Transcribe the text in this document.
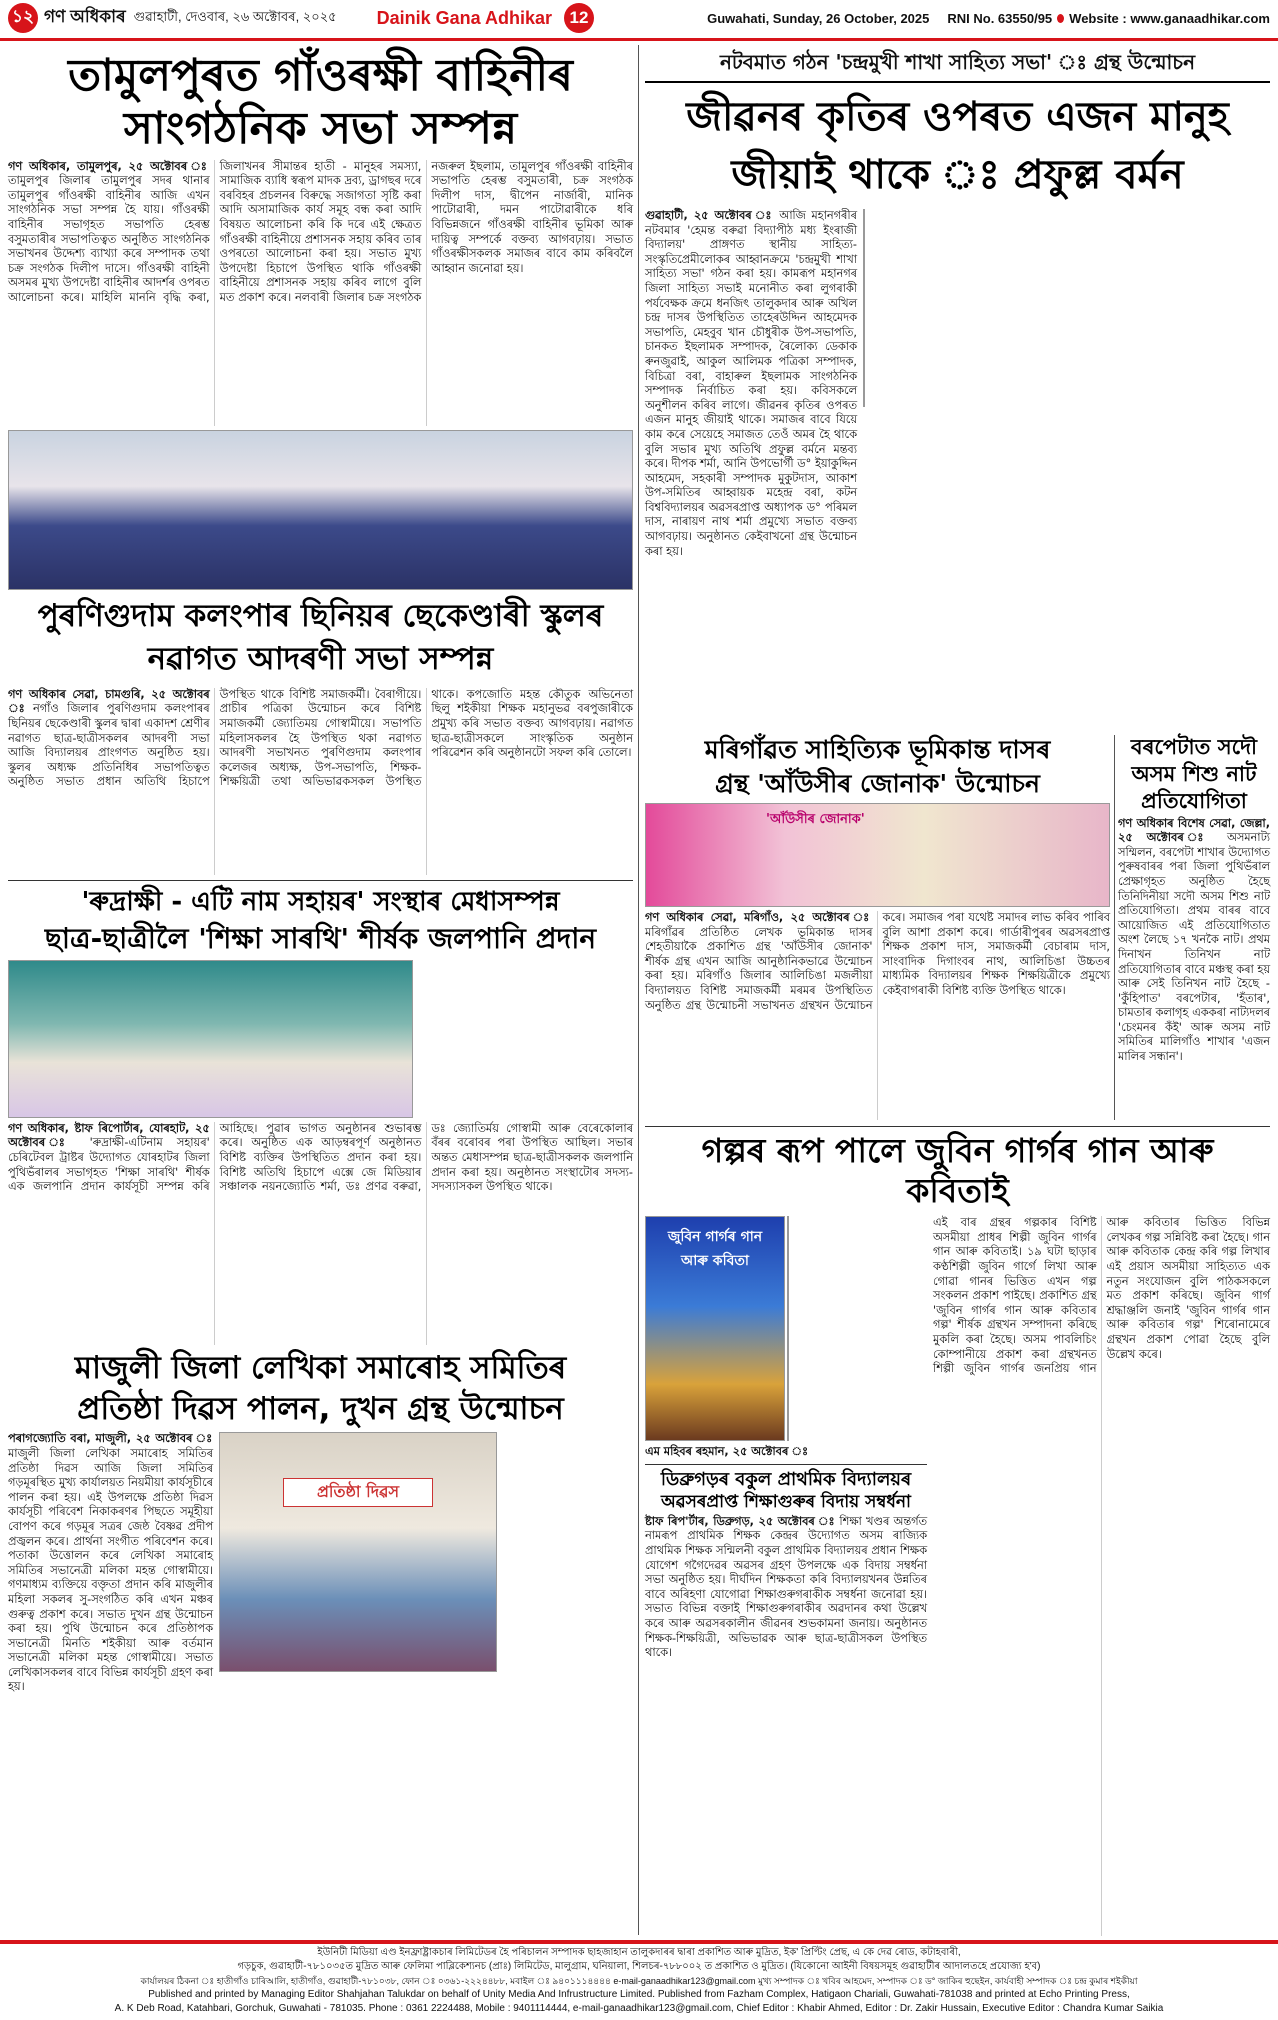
১২ গণ অধিকাৰ গুৱাহাটী, দেওবাৰ, ২৬ অক্টোবৰ, ২০২৫ Dainik Gana Adhikar	12	Guwahati, Sunday, 26 October, 2025 RNI No. 63550/95 Website : www.ganaadhikar.com
তামুলপুৰত গাঁওৰক্ষী বাহিনীৰ সাংগঠনিক সভা সম্পন্ন
গণ অধিকাৰ, তামুলপুৰ, ২৫ অক্টোবৰ ঃ তামুলপুৰ জিলাৰ তামুলপুৰ সদৰ থানাৰ তামুলপুৰ গাঁওৰক্ষী বাহিনীৰ আজি এখন সাংগঠনিক সভা সম্পন্ন হৈ যায়। গাঁওৰক্ষী বাহিনীৰ সভাগৃহত সভাপতি হেৰম্ভ বসুমতাৰীৰ সভাপতিত্বত অনুষ্ঠিত সাংগঠনিক সভাখনৰ উদ্দেশ্য ব্যাখ্যা কৰে সম্পাদক তথা চক্ৰ সংগঠক দিলীপ দাসে। গাঁওৰক্ষী বাহিনী অসমৰ মুখ্য উপদেষ্টা বাহিনীৰ আদৰ্শৰ ওপৰত আলোচনা কৰে। মাহিলি মাননি বৃদ্ধি কৰা, জিলাখনৰ সীমান্তৰ হাতী - মানুহৰ সমস্যা, সামাজিক ব্যাধি স্বৰূপ মাদক দ্ৰব্য, ড্ৰাগছৰ দৰে বৰবিহৰ প্ৰচলনৰ বিৰুদ্ধে সজাগতা সৃষ্টি কৰা আদি অসামাজিক কাৰ্য সমূহ বন্ধ কৰা আদি বিষয়ত আলোচনা কৰি কি দৰে এই ক্ষেত্ৰত গাঁওৰক্ষী বাহিনীয়ে প্ৰশাসনক সহায় কৰিব তাৰ ওপৰতো আলোচনা কৰা হয়। সভাত মুখ্য উপদেষ্টা হিচাপে উপস্থিত থাকি গাঁওৰক্ষী বাহিনীয়ে প্ৰশাসনক সহায় কৰিব লাগে বুলি মত প্ৰকাশ কৰে। নলবাৰী জিলাৰ চক্ৰ সংগঠক নজৰুল ইছলাম, তামুলপুৰ গাঁওৰক্ষী বাহিনীৰ সভাপতি হেৰম্ভ বসুমতাৰী, চক্ৰ সংগঠক দিলীপ দাস, দ্বীপেন নাৰ্জাৰী, মানিক পাটোৱাৰী, দমন পাটোৱাৰীকে ধৰি বিভিন্নজনে গাঁওৰক্ষী বাহিনীৰ ভূমিকা আৰু দায়িত্ব সম্পৰ্কে বক্তব্য আগবঢ়ায়। সভাত গাঁওৰক্ষীসকলক সমাজৰ বাবে কাম কৰিবলৈ আহ্বান জনোৱা হয়।
পুৰণিগুদাম কলংপাৰ ছিনিয়ৰ ছেকেণ্ডাৰী স্কুলৰ নৱাগত আদৰণী সভা সম্পন্ন
গণ অধিকাৰ সেৱা, চামগুৰি, ২৫ অক্টোবৰ ঃ নগাঁও জিলাৰ পুৰণিগুদাম কলংপাৰৰ ছিনিয়ৰ ছেকেণ্ডাৰী স্কুলৰ দ্বাৰা একাদশ শ্ৰেণীৰ নৱাগত ছাত্ৰ-ছাত্ৰীসকলৰ আদৰণী সভা আজি বিদ্যালয়ৰ প্ৰাংগণত অনুষ্ঠিত হয়। স্কুলৰ অধ্যক্ষ প্ৰতিনিধিৰ সভাপতিত্বত অনুষ্ঠিত সভাত প্ৰধান অতিথি হিচাপে উপস্থিত থাকে বিশিষ্ট সমাজকৰ্মী। বৈৰাগীয়ে। প্ৰাচীৰ পত্ৰিকা উন্মোচন কৰে বিশিষ্ট সমাজকৰ্মী জ্যোতিময় গোস্বামীয়ে। সভাপতি মহিলাসকলৰ হৈ উপস্থিত থকা নৱাগত আদৰণী সভাখনত পুৰণিগুদাম কলংপাৰ কলেজৰ অধ্যক্ষ, উপ-সভাপতি, শিক্ষক-শিক্ষয়িত্ৰী তথা অভিভাৱকসকল উপস্থিত থাকে। কপজোতি মহন্ত কৌতুক অভিনেতা ছিলু শইকীয়া শিক্ষক মহানুভৱ বৰপুজাৰীকে প্ৰমুখ্য কৰি সভাত বক্তব্য আগবঢ়ায়। নৱাগত ছাত্ৰ-ছাত্ৰীসকলে সাংস্কৃতিক অনুষ্ঠান পৰিৱেশন কৰি অনুষ্ঠানটো সফল কৰি তোলে।
'ৰুদ্ৰাক্ষী - এটি নাম সহায়ৰ' সংস্থাৰ মেধাসম্পন্ন
ছাত্ৰ-ছাত্ৰীলৈ 'শিক্ষা সাৰথি' শীৰ্ষক জলপানি প্ৰদান
গণ অধিকাৰ, ষ্টাফ ৰিপোৰ্টাৰ, যোৰহাট, ২৫ অক্টোবৰ ঃ 'ৰুদ্ৰাক্ষী-এটিনাম সহায়ৰ' চেৰিটেবল ট্ৰাষ্টৰ উদ্যোগত যোৰহাটৰ জিলা পুথিভঁৰালৰ সভাগৃহত 'শিক্ষা সাৰথি' শীৰ্ষক এক জলপানি প্ৰদান কাৰ্যসূচী সম্পন্ন কৰি আহিছে। পুৱাৰ ভাগত অনুষ্ঠানৰ শুভাৰম্ভ কৰে। অনুষ্ঠিত এক আড়ম্বৰপূৰ্ণ অনুষ্ঠানত বিশিষ্ট ব্যক্তিৰ উপস্থিতিত প্ৰদান কৰা হয়। বিশিষ্ট অতিথি হিচাপে এক্সে জে মিডিয়াৰ সঞ্চালক নয়নজ্যোতি শৰ্মা, ডঃ প্ৰণৱ বৰুৱা, ডঃ জ্যোতিৰ্ময় গোস্বামী আৰু বেৰেকোলাৰ বঁৰৰ বৰোবৰ পৰা উপস্থিত আছিল। সভাৰ অন্তত মেধাসম্পন্ন ছাত্ৰ-ছাত্ৰীসকলক জলপানি প্ৰদান কৰা হয়। অনুষ্ঠানত সংস্থাটোৰ সদস্য-সদস্যাসকল উপস্থিত থাকে।
মাজুলী জিলা লেখিকা সমাৰোহ সমিতিৰ
প্ৰতিষ্ঠা দিৱস পালন, দুখন গ্ৰন্থ উন্মোচন
পৰাগজ্যোতি বৰা, মাজুলী, ২৫ অক্টোবৰ ঃ মাজুলী জিলা লেখিকা সমাৰোহ সমিতিৰ প্ৰতিষ্ঠা দিৱস আজি জিলা সমিতিৰ গড়মূৰস্থিত মুখ্য কাৰ্যালয়ত নিয়মীয়া কাৰ্যসূচীৰে পালন কৰা হয়। এই উপলক্ষে প্ৰতিষ্ঠা দিৱস কাৰ্যসূচী পৰিবেশ নিকাকৰণৰ পিছতে সমূহীয়া বোপণ কৰে গড়মূৰ সত্ৰৰ জেষ্ঠ বৈষ্ণৱ প্ৰদীপ প্ৰজ্বলন কৰে। প্ৰাৰ্থনা সংগীত পৰিবেশন কৰে। পতাকা উত্তোলন কৰে লেখিকা সমাৰোহ সমিতিৰ সভানেত্ৰী মলিকা মহন্ত গোস্বামীয়ে। গণমাধ্যম ব্যক্তিয়ে বক্তৃতা প্ৰদান কৰি মাজুলীৰ মহিলা সকলৰ সু-সংগঠিত কৰি এখন মঞ্চৰ গুৰুত্ব প্ৰকাশ কৰে। সভাত দুখন গ্ৰন্থ উন্মোচন কৰা হয়। পুথি উন্মোচন কৰে প্ৰতিষ্ঠাপক সভানেত্ৰী মিনতি শইকীয়া আৰু বৰ্তমান সভানেত্ৰী মলিকা মহন্ত গোস্বামীয়ে। সভাত লেখিকাসকলৰ বাবে বিভিন্ন কাৰ্যসূচী গ্ৰহণ কৰা হয়।
প্ৰতিষ্ঠা দিৱস
নটবমাত গঠন 'চন্দ্ৰমুখী শাখা সাহিত্য সভা' ঃ গ্ৰন্থ উন্মোচন
জীৱনৰ কৃতিৰ ওপৰত এজন মানুহ জীয়াই থাকে ঃ প্ৰফুল্ল বৰ্মন
গুৱাহাটী, ২৫ অক্টোবৰ ঃ আজি মহানগৰীৰ নটবমাৰ 'হেমন্ত বৰুৱা বিদ্যাপীঠ মধ্য ইংৰাজী বিদ্যালয়' প্ৰাঙ্গণত স্থানীয় সাহিত্য-সংস্কৃতিপ্ৰেমীলোকৰ আহ্বানক্ৰমে 'চন্দ্ৰমুখী শাখা সাহিত্য সভা' গঠন কৰা হয়। কামৰূপ মহানগৰ জিলা সাহিত্য সভাই মনোনীত কৰা লুগৰাকী পৰ্যবেক্ষক ক্ৰমে ধনজিৎ তালুকদাৰ আৰু অখিল চন্দ্ৰ দাসৰ উপস্থিতিত তাহেৰউদ্দিন আহমেদক সভাপতি, মেহবুব খান চৌধুৰীক উপ-সভাপতি, চানকত ইছলামক সম্পাদক, ৰৈলোক্য ডেকাক ৰুনজুৱাই, আকুল আলিমক পত্ৰিকা সম্পাদক, বিচিত্ৰা বৰা, বাহাৰুল ইছলামক সাংগঠনিক সম্পাদক নিৰ্বাচিত কৰা হয়। কবিসকলে অনুশীলন কৰিব লাগে। জীৱনৰ কৃতিৰ ওপৰত এজন মানুহ জীয়াই থাকে। সমাজৰ বাবে যিয়ে কাম কৰে সেয়েহে সমাজত তেওঁ অমৰ হৈ থাকে বুলি সভাৰ মুখ্য অতিথি প্ৰফুল্ল বৰ্মনে মন্তব্য কৰে। দীপক শৰ্মা, আনি উপভোৰ্গী ড° ইয়াকুদ্দিন আহমেদ, সহকাৰী সম্পাদক মুকুটদাস, আকাশ উপ-সমিতিৰ আহ্বায়ক মহেন্দ্ৰ বৰা, কটন বিশ্ববিদ্যালয়ৰ অৱসৰপ্ৰাপ্ত অধ্যাপক ড° পৰিমল দাস, নাৰায়ণ নাথ শৰ্মা প্ৰমুখ্যে সভাত বক্তব্য আগবঢ়ায়। অনুষ্ঠানত কেইবাখনো গ্ৰন্থ উন্মোচন কৰা হয়।
মৰিগাঁৱত সাহিত্যিক ভূমিকান্ত দাসৰ
গ্ৰন্থ 'আঁউসীৰ জোনাক' উন্মোচন
'আঁউসীৰ জোনাক'
গণ অধিকাৰ সেৱা, মৰিগাঁও, ২৫ অক্টোবৰ ঃ মৰিগাঁৱৰ প্ৰতিষ্ঠিত লেখক ভূমিকান্ত দাসৰ শেহতীয়াকৈ প্ৰকাশিত গ্ৰন্থ 'আঁউসীৰ জোনাক' শীৰ্ষক গ্ৰন্থ এখন আজি আনুষ্ঠানিকভাৱে উন্মোচন কৰা হয়। মৰিগাঁও জিলাৰ আলিচিঙা মজলীয়া বিদ্যালয়ত বিশিষ্ট সমাজকৰ্মী মৰমৰ উপস্থিতিত অনুষ্ঠিত গ্ৰন্থ উন্মোচনী সভাখনত গ্ৰন্থখন উন্মোচন কৰে। সমাজৰ পৰা যথেষ্ট সমাদৰ লাভ কৰিব পাৰিব বুলি আশা প্ৰকাশ কৰে। গাৰ্ডাৰীপুৰৰ অৱসৰপ্ৰাপ্ত শিক্ষক প্ৰকাশ দাস, সমাজকৰ্মী বেচাৰাম দাস, সাংবাদিক দিগাংবৰ নাথ, আলিচিঙা উচ্চতৰ মাধ্যমিক বিদ্যালয়ৰ শিক্ষক শিক্ষয়িত্ৰীকে প্ৰমুখ্যে কেইবাগৰাকী বিশিষ্ট ব্যক্তি উপস্থিত থাকে।
বৰপেটাত সদৌ
অসম শিশু নাট
প্ৰতিযোগিতা
গণ অধিকাৰ বিশেষ সেৱা, জেল্লা, ২৫ অক্টোবৰ ঃ অসমনাট্য সম্মিলন, বৰপেটা শাখাৰ উদ্যোগত পুৰুষবাৰৰ পৰা জিলা পুথিভঁৰাল প্ৰেক্ষাগৃহত অনুষ্ঠিত হৈছে তিনিদিনীয়া সদৌ অসম শিশু নাট প্ৰতিযোগিতা। প্ৰথম বাৰৰ বাবে আয়োজিত এই প্ৰতিযোগিতাত অংশ লৈছে ১৭ খনকৈ নাট। প্ৰথম দিনাখন তিনিখন নাট প্ৰতিযোগিতাৰ বাবে মঞ্চস্থ কৰা হয় আৰু সেই তিনিখন নাট হৈছে - 'কুঁহিপাত' বৰপেটাৰ, 'হঁতাৰ', চামতাৰ কলাগৃহ এককৰা নাট্যদলৰ 'চেংমনৰ কঁই' আৰু অসম নাট সমিতিৰ মালিগাঁও শাখাৰ 'এজন মালিৰ সন্ধান'।
গল্পৰ ৰূপ পালে জুবিন গাৰ্গৰ গান আৰু কবিতাই
জুবিন গাৰ্গৰ গান আৰু কবিতা
এম মহিবৰ ৰহমান, ২৫ অক্টোবৰ ঃ
ডিব্ৰুগড়ৰ বকুল প্ৰাথমিক বিদ্যালয়ৰ
অৱসৰপ্ৰাপ্ত শিক্ষাগুৰুৰ বিদায় সম্বৰ্ধনা
ষ্টাফ ৰিপ'ৰ্টাৰ, ডিব্ৰুগড়, ২৫ অক্টোবৰ ঃ শিক্ষা খণ্ডৰ অন্তৰ্গত নামৰূপ প্ৰাথমিক শিক্ষক কেন্দ্ৰৰ উদ্যোগত অসম ৰাজ্যিক প্ৰাথমিক শিক্ষক সন্মিলনী বকুল প্ৰাথমিক বিদ্যালয়ৰ প্ৰধান শিক্ষক যোগেশ গগৈদেৱৰ অৱসৰ গ্ৰহণ উপলক্ষে এক বিদায় সম্বৰ্ধনা সভা অনুষ্ঠিত হয়। দীৰ্ঘদিন শিক্ষকতা কৰি বিদ্যালয়খনৰ উন্নতিৰ বাবে অৰিহণা যোগোৱা শিক্ষাগুৰুগৰাকীক সম্বৰ্ধনা জনোৱা হয়। সভাত বিভিন্ন বক্তাই শিক্ষাগুৰুগৰাকীৰ অৱদানৰ কথা উল্লেখ কৰে আৰু অৱসৰকালীন জীৱনৰ শুভকামনা জনায়। অনুষ্ঠানত শিক্ষক-শিক্ষয়িত্ৰী, অভিভাৱক আৰু ছাত্ৰ-ছাত্ৰীসকল উপস্থিত থাকে।
এই বাৰ গ্ৰন্থৰ গল্পকাৰ বিশিষ্ট অসমীয়া প্ৰাধৰ শিল্পী জুবিন গাৰ্গৰ গান আৰু কবিতাই। ১৯ ঘটা ছাড়াৰ কণ্ঠশিল্পী জুবিন গাৰ্গে লিখা আৰু গোৱা গানৰ ভিত্তিত এখন গল্প সংকলন প্ৰকাশ পাইছে। প্ৰকাশিত গ্ৰন্থ 'জুবিন গাৰ্গৰ গান আৰু কবিতাৰ গল্প' শীৰ্ষক গ্ৰন্থখন সম্পাদনা কৰিছে মুকলি কৰা হৈছে। অসম পাবলিচিং কোম্পানীয়ে প্ৰকাশ কৰা গ্ৰন্থখনত শিল্পী জুবিন গাৰ্গৰ জনপ্ৰিয় গান আৰু কবিতাৰ ভিত্তিত বিভিন্ন লেখকৰ গল্প সন্নিবিষ্ট কৰা হৈছে। গান আৰু কবিতাক কেন্দ্ৰ কৰি গল্প লিখাৰ এই প্ৰয়াস অসমীয়া সাহিত্যত এক নতুন সংযোজন বুলি পাঠকসকলে মত প্ৰকাশ কৰিছে। জুবিন গাৰ্গ শ্ৰদ্ধাঞ্জলি জনাই 'জুবিন গাৰ্গৰ গান আৰু কবিতাৰ গল্প' শিৰোনামেৰে গ্ৰন্থখন প্ৰকাশ পোৱা হৈছে বুলি উল্লেখ কৰে।
ইউনিটী মিডিয়া এণ্ড ইনফ্ৰাষ্ট্ৰাকচাৰ লিমিটেডৰ হৈ পৰিচালন সম্পাদক ছাহজাহান তালুকদাৰৰ দ্বাৰা প্ৰকাশিত আৰু মুদ্ৰিত, ইক' প্ৰিণ্টিং প্ৰেছ, এ কে দেৱ ৰোড, কটাহবাৰী,
গড়চুক, গুৱাহাটী-৭৮১০৩৫ত মুদ্ৰিত আৰু ফেলিমা পাব্লিকেশ্যনচ (প্ৰাঃ) লিমিটেড, মালুগ্ৰাম, ঘনিয়ালা, শিলচৰ-৭৮৮০০২ ত প্ৰকাশিত ও মুদ্ৰিত। (যিকোনো আইনী বিষয়সমূহ গুৱাহাটীৰ আদালতহে প্ৰযোজ্য হ'ব)
কাৰ্যালয়ৰ ঠিকনা ঃ হাতীগাঁও চাৰিআলি, হাতীগাঁও, গুৱাহাটী-৭৮১০৩৮, ফোন ঃ ০৩৬১-২২২৪৪৮৮, মবাইল ঃ ৯৪০১১১৪৪৪৪ e-mail-ganaadhikar123@gmail.com মুখ্য সম্পাদক ঃ খবিৰ আহমেদ, সম্পাদক ঃ ড° জাকিৰ হুছেইন, কাৰ্যবাহী সম্পাদক ঃ চন্দ্ৰ কুমাৰ শইকীয়া
Published and printed by Managing Editor Shahjahan Talukdar on behalf of Unity Media And Infrustructure Limited. Published from Fazham Complex, Hatigaon Chariali, Guwahati-781038 and printed at Echo Printing Press,
A. K Deb Road, Katahbari, Gorchuk, Guwahati - 781035. Phone : 0361 2224488, Mobile : 9401114444, e-mail-ganaadhikar123@gmail.com, Chief Editor : Khabir Ahmed, Editor : Dr. Zakir Hussain, Executive Editor : Chandra Kumar Saikia
